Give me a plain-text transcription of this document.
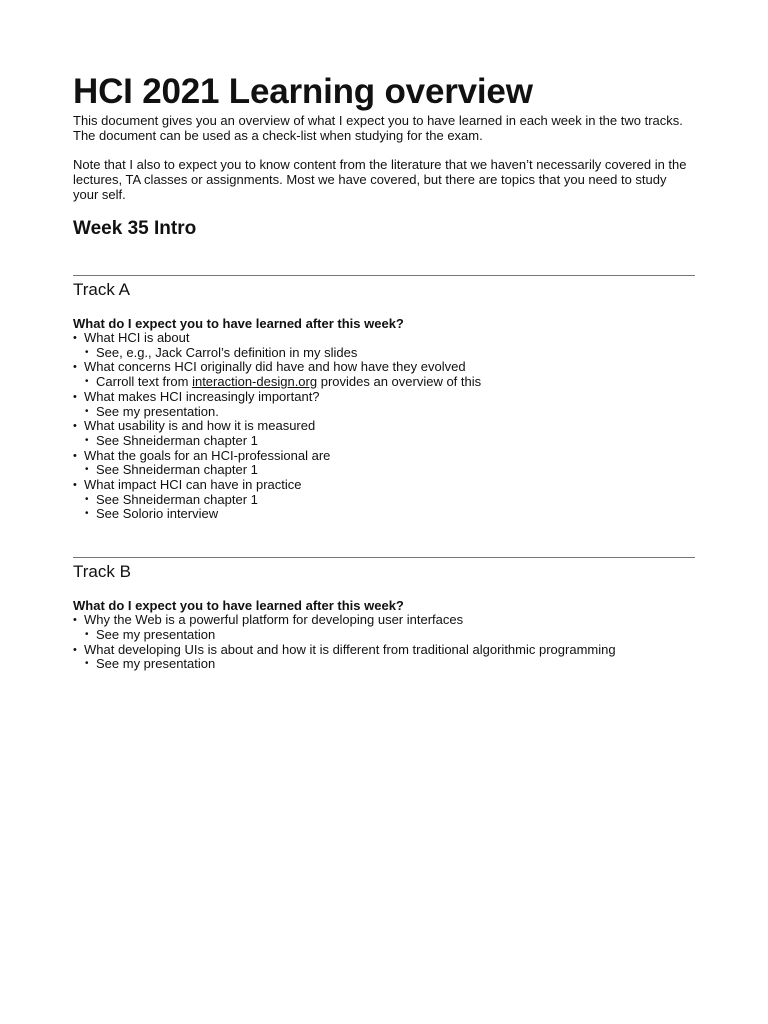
HCI 2021 Learning overview

This document gives you an overview of what I expect you to have learned in each week in the two tracks. The document can be used as a check-list when studying for the exam.

Note that I also to expect you to know content from the literature that we haven’t necessarily covered in the lectures, TA classes or assignments. Most we have covered, but there are topics that you need to study your self.

Week 35 Intro
Track A
What do I expect you to have learned after this week?
• What HCI is about
• See, e.g., Jack Carrol’s definition in my slides
• What concerns HCI originally did have and how have they evolved
• Carroll text from interaction-design.org provides an overview of this
• What makes HCI increasingly important?
• See my presentation.
• What usability is and how it is measured
• See Shneiderman chapter 1
• What the goals for an HCI-professional are
• See Shneiderman chapter 1
• What impact HCI can have in practice
• See Shneiderman chapter 1
• See Solorio interview
Track B
What do I expect you to have learned after this week?
• Why the Web is a powerful platform for developing user interfaces
• See my presentation
• What developing UIs is about and how it is different from traditional algorithmic programming
• See my presentation
